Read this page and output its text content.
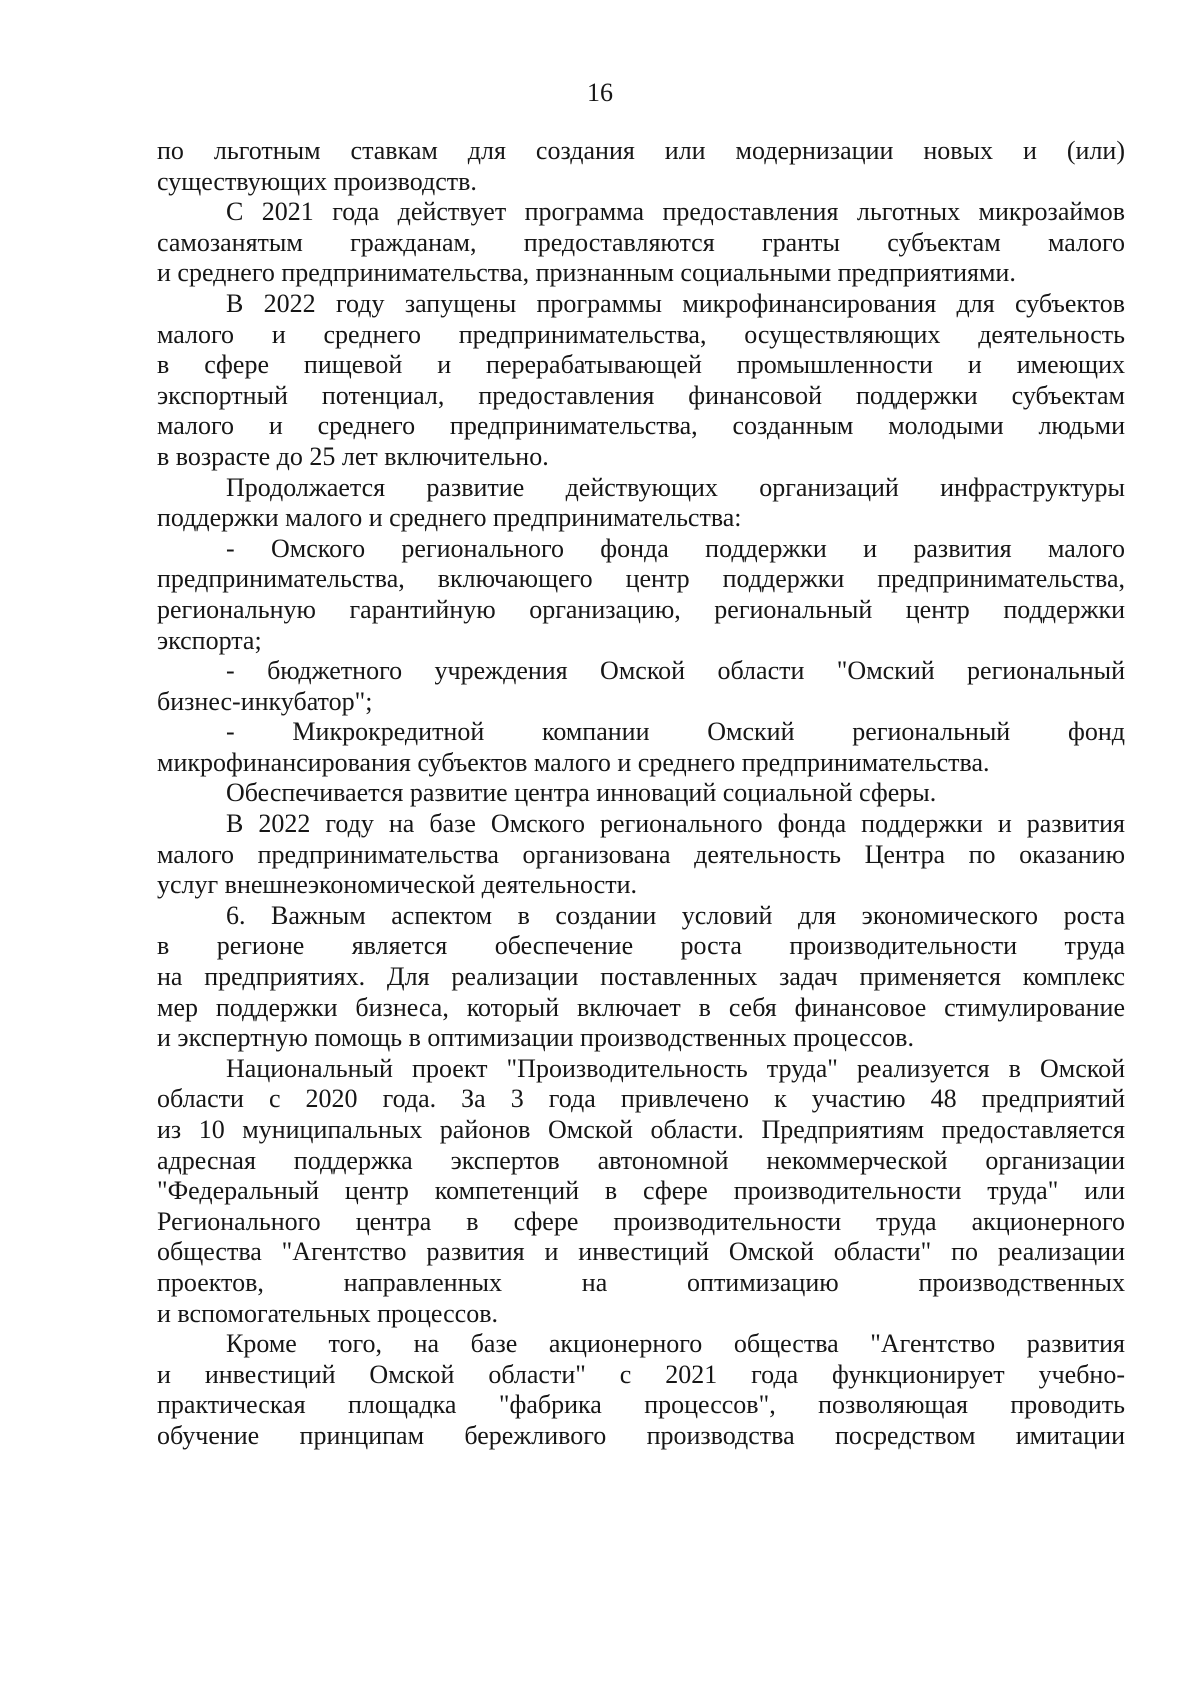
16
по льготным ставкам для создания или модернизации новых и (или)
существующих производств.
С 2021 года действует программа предоставления льготных микрозаймов
самозанятым гражданам, предоставляются гранты субъектам малого
и среднего предпринимательства, признанным социальными предприятиями.
В 2022 году запущены программы микрофинансирования для субъектов
малого и среднего предпринимательства, осуществляющих деятельность
в сфере пищевой и перерабатывающей промышленности и имеющих
экспортный потенциал, предоставления финансовой поддержки субъектам
малого и среднего предпринимательства, созданным молодыми людьми
в возрасте до 25 лет включительно.
Продолжается развитие действующих организаций инфраструктуры
поддержки малого и среднего предпринимательства:
- Омского регионального фонда поддержки и развития малого
предпринимательства, включающего центр поддержки предпринимательства,
региональную гарантийную организацию, региональный центр поддержки
экспорта;
- бюджетного учреждения Омской области "Омский региональный
бизнес-инкубатор";
- Микрокредитной компании Омский региональный фонд
микрофинансирования субъектов малого и среднего предпринимательства.
Обеспечивается развитие центра инноваций социальной сферы.
В 2022 году на базе Омского регионального фонда поддержки и развития
малого предпринимательства организована деятельность Центра по оказанию
услуг внешнеэкономической деятельности.
6. Важным аспектом в создании условий для экономического роста
в регионе является обеспечение роста производительности труда
на предприятиях. Для реализации поставленных задач применяется комплекс
мер поддержки бизнеса, который включает в себя финансовое стимулирование
и экспертную помощь в оптимизации производственных процессов.
Национальный проект "Производительность труда" реализуется в Омской
области с 2020 года. За 3 года привлечено к участию 48 предприятий
из 10 муниципальных районов Омской области. Предприятиям предоставляется
адресная поддержка экспертов автономной некоммерческой организации
"Федеральный центр компетенций в сфере производительности труда" или
Регионального центра в сфере производительности труда акционерного
общества "Агентство развития и инвестиций Омской области" по реализации
проектов, направленных на оптимизацию производственных
и вспомогательных процессов.
Кроме того, на базе акционерного общества "Агентство развития
и инвестиций Омской области" с 2021 года функционирует учебно-
практическая площадка "фабрика процессов", позволяющая проводить
обучение принципам бережливого производства посредством имитации
